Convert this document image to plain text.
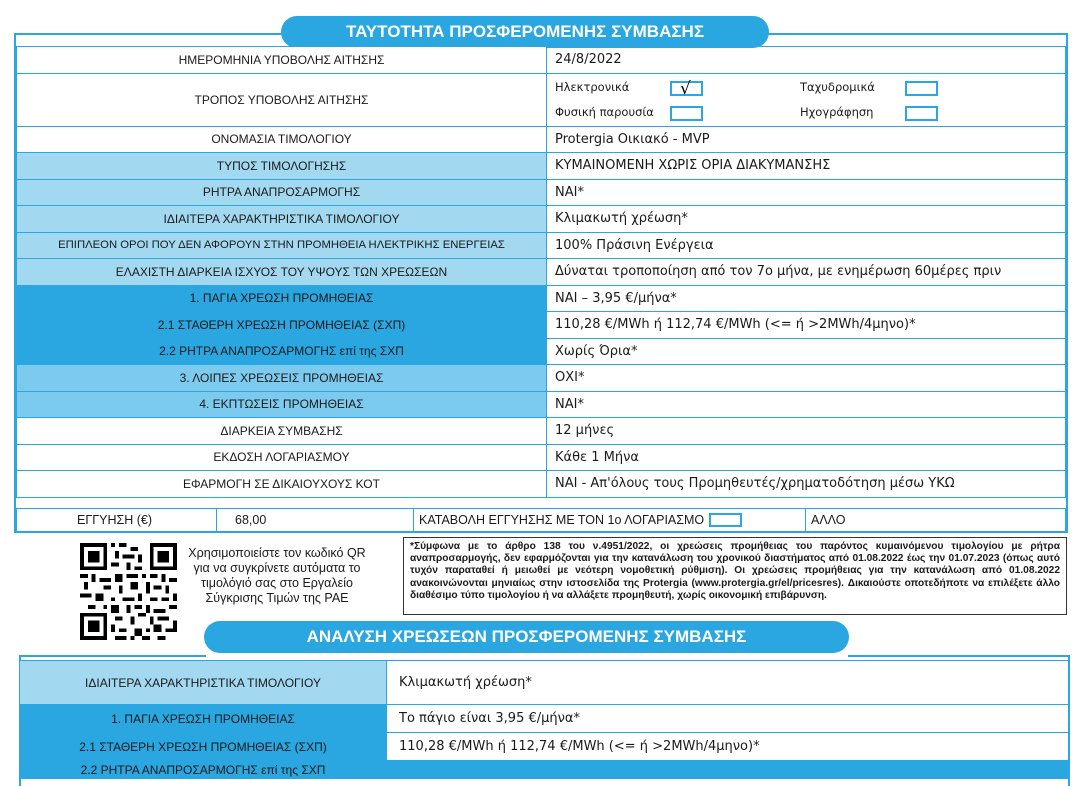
ΤΑΥΤΟΤΗΤΑ ΠΡΟΣΦΕΡΟΜΕΝΗΣ ΣΥΜΒΑΣΗΣ
ΗΜΕΡΟΜΗΝΙΑ ΥΠΟΒΟΛΗΣ ΑΙΤΗΣΗΣ	24/8/2022
ΤΡΟΠΟΣ ΥΠΟΒΟΛΗΣ ΑΙΤΗΣΗΣ	Ηλεκτρονικά √ Ταχυδρομικά
Φυσική παρουσία Ηχογράφηση

ΟΝΟΜΑΣΙΑ ΤΙΜΟΛΟΓΙΟΥ	Protergia Οικιακό - MVP
ΤΥΠΟΣ ΤΙΜΟΛΟΓΗΣΗΣ	ΚΥΜΑΙΝΟΜΕΝΗ ΧΩΡΙΣ ΟΡΙΑ ΔΙΑΚΥΜΑΝΣΗΣ
ΡΗΤΡΑ ΑΝΑΠΡΟΣΑΡΜΟΓΗΣ	ΝΑΙ*
ΙΔΙΑΙΤΕΡΑ ΧΑΡΑΚΤΗΡΙΣΤΙΚΑ ΤΙΜΟΛΟΓΙΟΥ	Κλιμακωτή χρέωση*
ΕΠΙΠΛΕΟΝ ΟΡΟΙ ΠΟΥ ΔΕΝ ΑΦΟΡΟΥΝ ΣΤΗΝ ΠΡΟΜΗΘΕΙΑ ΗΛΕΚΤΡΙΚΗΣ ΕΝΕΡΓΕΙΑΣ	100% Πράσινη Ενέργεια
ΕΛΑΧΙΣΤΗ ΔΙΑΡΚΕΙΑ ΙΣΧΥΟΣ ΤΟΥ ΥΨΟΥΣ ΤΩΝ ΧΡΕΩΣΕΩΝ	Δύναται τροποποίηση από τον 7ο μήνα, με ενημέρωση 60μέρες πριν
1. ΠΑΓΙΑ ΧΡΕΩΣΗ ΠΡΟΜΗΘΕΙΑΣ	ΝΑΙ – 3,95 €/μήνα*
2.1 ΣΤΑΘΕΡΗ ΧΡΕΩΣΗ ΠΡΟΜΗΘΕΙΑΣ (ΣΧΠ)	110,28 €/MWh ή 112,74 €/MWh (<= ή >2MWh/4μηνο)*
2.2 ΡΗΤΡΑ ΑΝΑΠΡΟΣΑΡΜΟΓΗΣ επί της ΣΧΠ	Χωρίς Όρια*
3. ΛΟΙΠΕΣ ΧΡΕΩΣΕΙΣ ΠΡΟΜΗΘΕΙΑΣ	ΟΧΙ*
4. ΕΚΠΤΩΣΕΙΣ ΠΡΟΜΗΘΕΙΑΣ	ΝΑΙ*
ΔΙΑΡΚΕΙΑ ΣΥΜΒΑΣΗΣ	12 μήνες
ΕΚΔΟΣΗ ΛΟΓΑΡΙΑΣΜΟΥ	Κάθε 1 Μήνα
ΕΦΑΡΜΟΓΗ ΣΕ ΔΙΚΑΙΟΥΧΟΥΣ ΚΟΤ	ΝΑΙ - Απ'όλους τους Προμηθευτές/χρηματοδότηση μέσω ΥΚΩ
ΕΓΓΥΗΣΗ (€)	68,00	ΚΑΤΑΒΟΛΗ ΕΓΓΥΗΣΗΣ ΜΕ ΤΟΝ 1ο ΛΟΓΑΡΙΑΣΜΟ	ΑΛΛΟ
Χρησιμοποιείστε τον κωδικό QR για να συγκρίνετε αυτόματα το τιμολόγιό σας στο Εργαλείο Σύγκρισης Τιμών της ΡΑΕ
*Σύμφωνα με το άρθρο 138 του ν.4951/2022, οι χρεώσεις προμήθειας του παρόντος κυμαινόμενου τιμολογίου με ρήτρα αναπροσαρμογής, δεν εφαρμόζονται για την κατανάλωση του χρονικού διαστήματος από 01.08.2022 έως την 01.07.2023 (όπως αυτό τυχόν παραταθεί ή μειωθεί με νεότερη νομοθετική ρύθμιση). Οι χρεώσεις προμήθειας για την κατανάλωση από 01.08.2022 ανακοινώνονται μηνιαίως στην ιστοσελίδα της Protergia (www.protergia.gr/el/pricesres). Δικαιούστε οποτεδήποτε να επιλέξετε άλλο διαθέσιμο τύπο τιμολογίου ή να αλλάξετε προμηθευτή, χωρίς οικονομική επιβάρυνση.
ΑΝΑΛΥΣΗ ΧΡΕΩΣΕΩΝ ΠΡΟΣΦΕΡΟΜΕΝΗΣ ΣΥΜΒΑΣΗΣ
ΙΔΙΑΙΤΕΡΑ ΧΑΡΑΚΤΗΡΙΣΤΙΚΑ ΤΙΜΟΛΟΓΙΟΥ	Κλιμακωτή χρέωση*
1. ΠΑΓΙΑ ΧΡΕΩΣΗ ΠΡΟΜΗΘΕΙΑΣ	Το πάγιο είναι 3,95 €/μήνα*
2.1 ΣΤΑΘΕΡΗ ΧΡΕΩΣΗ ΠΡΟΜΗΘΕΙΑΣ (ΣΧΠ)	110,28 €/MWh ή 112,74 €/MWh (<= ή >2MWh/4μηνο)*
2.2 ΡΗΤΡΑ ΑΝΑΠΡΟΣΑΡΜΟΓΗΣ επί της ΣΧΠ	
